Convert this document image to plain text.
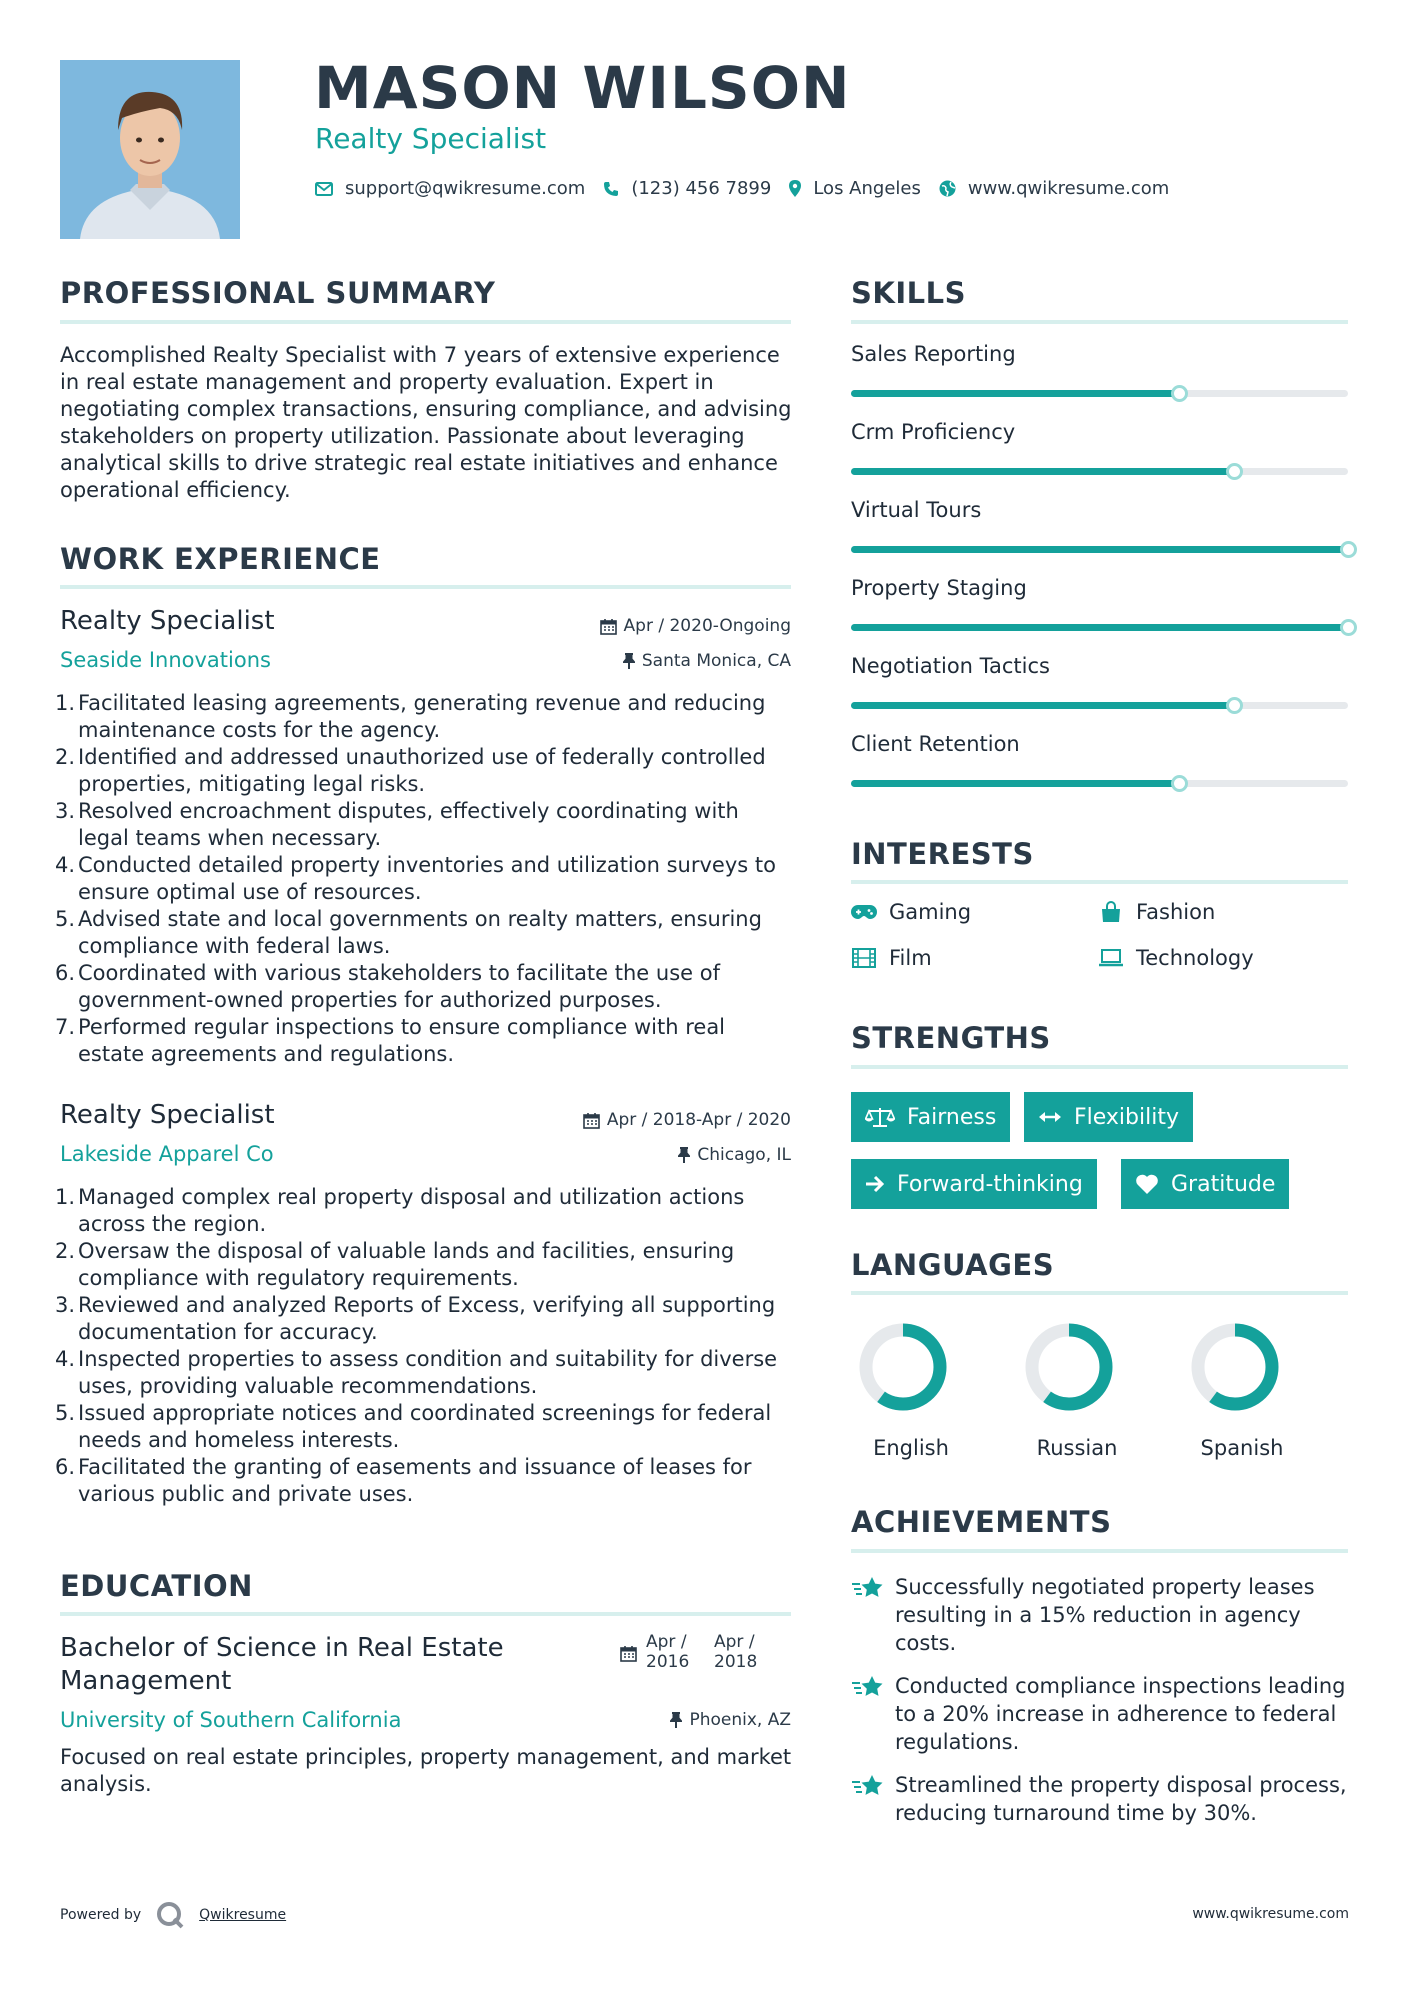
MASON WILSON
Realty Specialist
support@qwikresume.com	(123) 456 7899 Los Angeles	www.qwikresume.com
PROFESSIONAL SUMMARY
Accomplished Realty Specialist with 7 years of extensive experience in real estate management and property evaluation. Expert in negotiating complex transactions, ensuring compliance, and advising stakeholders on property utilization. Passionate about leveraging analytical skills to drive strategic real estate initiatives and enhance operational efficiency.
WORK EXPERIENCE
Realty Specialist	Apr / 2020-Ongoing
Seaside Innovations	Santa Monica, CA
1. Facilitated leasing agreements, generating revenue and reducing maintenance costs for the agency.
2. Identified and addressed unauthorized use of federally controlled properties, mitigating legal risks.
3. Resolved encroachment disputes, effectively coordinating with legal teams when necessary.
4. Conducted detailed property inventories and utilization surveys to ensure optimal use of resources.
5. Advised state and local governments on realty matters, ensuring compliance with federal laws.
6. Coordinated with various stakeholders to facilitate the use of government-owned properties for authorized purposes.
7. Performed regular inspections to ensure compliance with real estate agreements and regulations.
Realty Specialist	Apr / 2018-Apr / 2020
Lakeside Apparel Co	Chicago, IL
1. Managed complex real property disposal and utilization actions across the region.
2. Oversaw the disposal of valuable lands and facilities, ensuring compliance with regulatory requirements.
3. Reviewed and analyzed Reports of Excess, verifying all supporting documentation for accuracy.
4. Inspected properties to assess condition and suitability for diverse uses, providing valuable recommendations.
5. Issued appropriate notices and coordinated screenings for federal needs and homeless interests.
6. Facilitated the granting of easements and issuance of leases for various public and private uses.
EDUCATION
Bachelor of Science in Real Estate Management
Apr / 2016
Apr / 2018
University of Southern California	Phoenix, AZ
Focused on real estate principles, property management, and market analysis.
SKILLS
Sales Reporting
Crm Proficiency
Virtual Tours
Property Staging
Negotiation Tactics
Client Retention
INTERESTS
Gaming	Fashion
Film	Technology
STRENGTHS
Fairness	Flexibility
Forward-thinking	Gratitude
LANGUAGES
English	Russian	Spanish
ACHIEVEMENTS
Successfully negotiated property leases resulting in a 15% reduction in agency costs.
Conducted compliance inspections leading to a 20% increase in adherence to federal regulations.
Streamlined the property disposal process, reducing turnaround time by 30%.
Powered by	Qwikresume	www.qwikresume.com
